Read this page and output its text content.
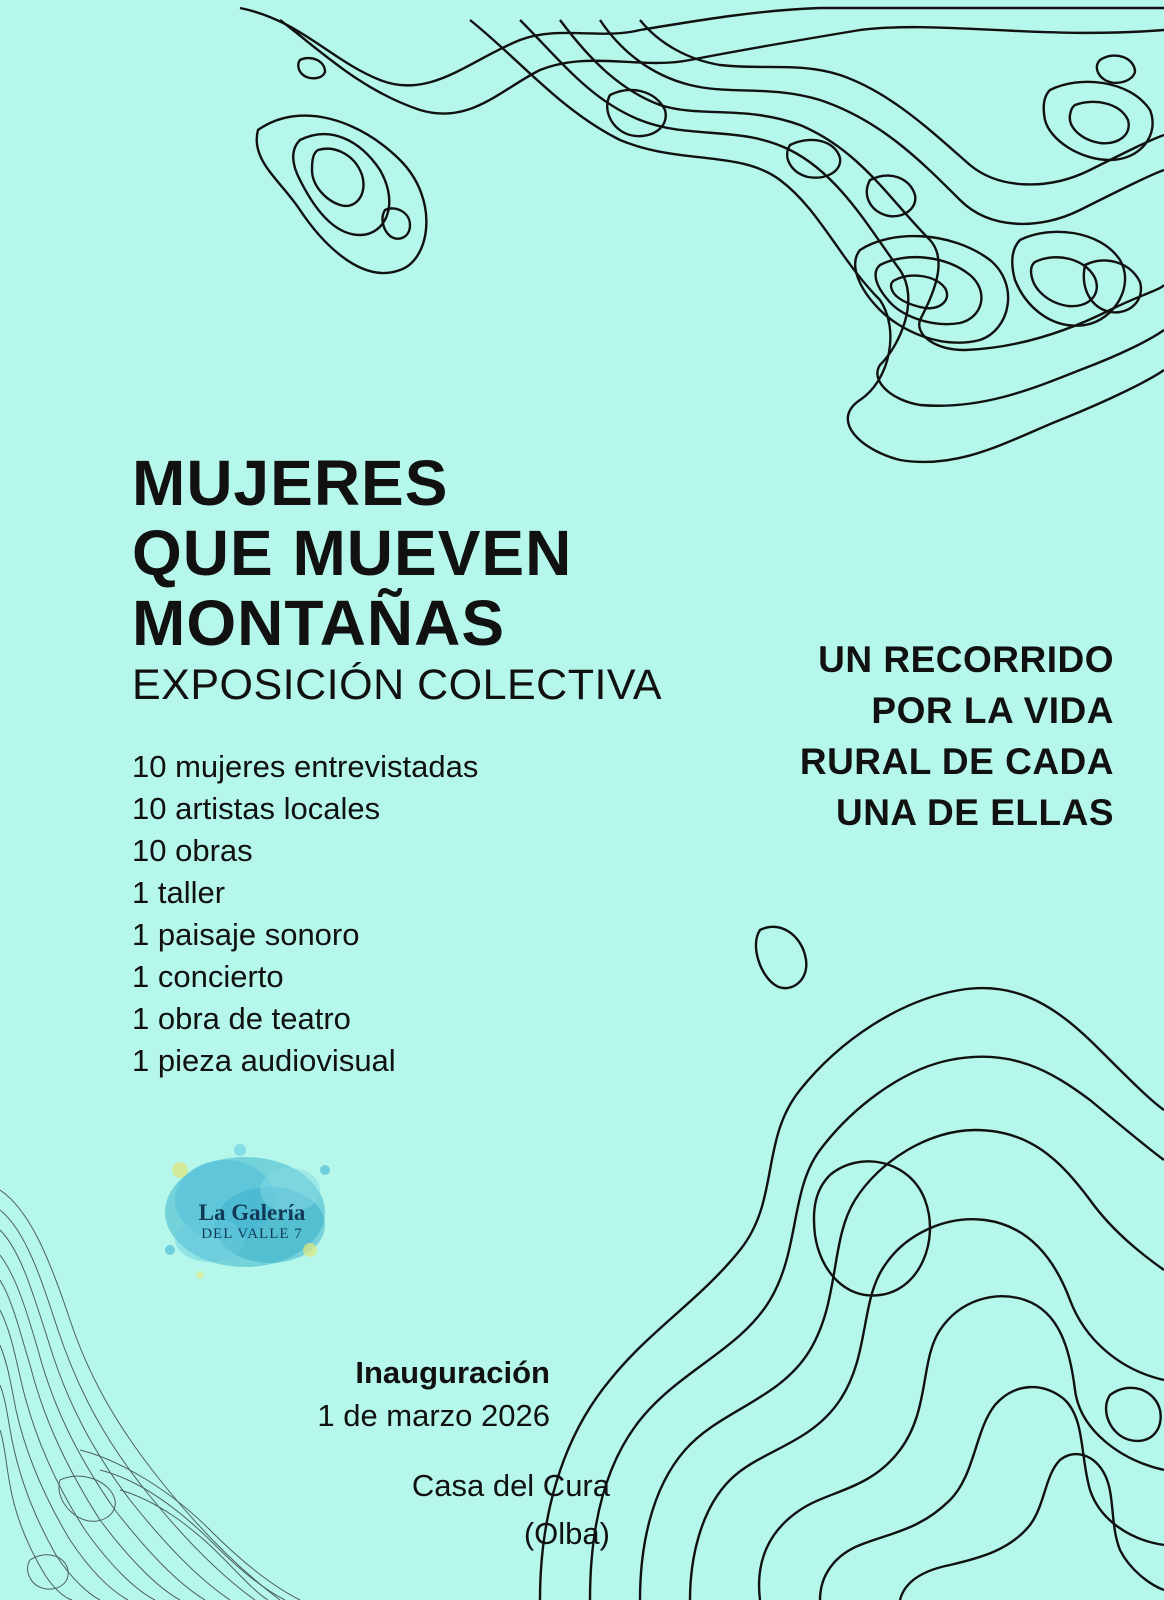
MUJERES
QUE MUEVEN
MONTAÑAS
EXPOSICIÓN COLECTIVA
10 mujeres entrevistadas
10 artistas locales
10 obras
1 taller
1 paisaje sonoro
1 concierto
1 obra de teatro
1 pieza audiovisual
UN RECORRIDO
POR LA VIDA
RURAL DE CADA
UNA DE ELLAS
La Galería
DEL VALLE 7
Inauguración
1 de marzo 2026
Casa del Cura
(Olba)
